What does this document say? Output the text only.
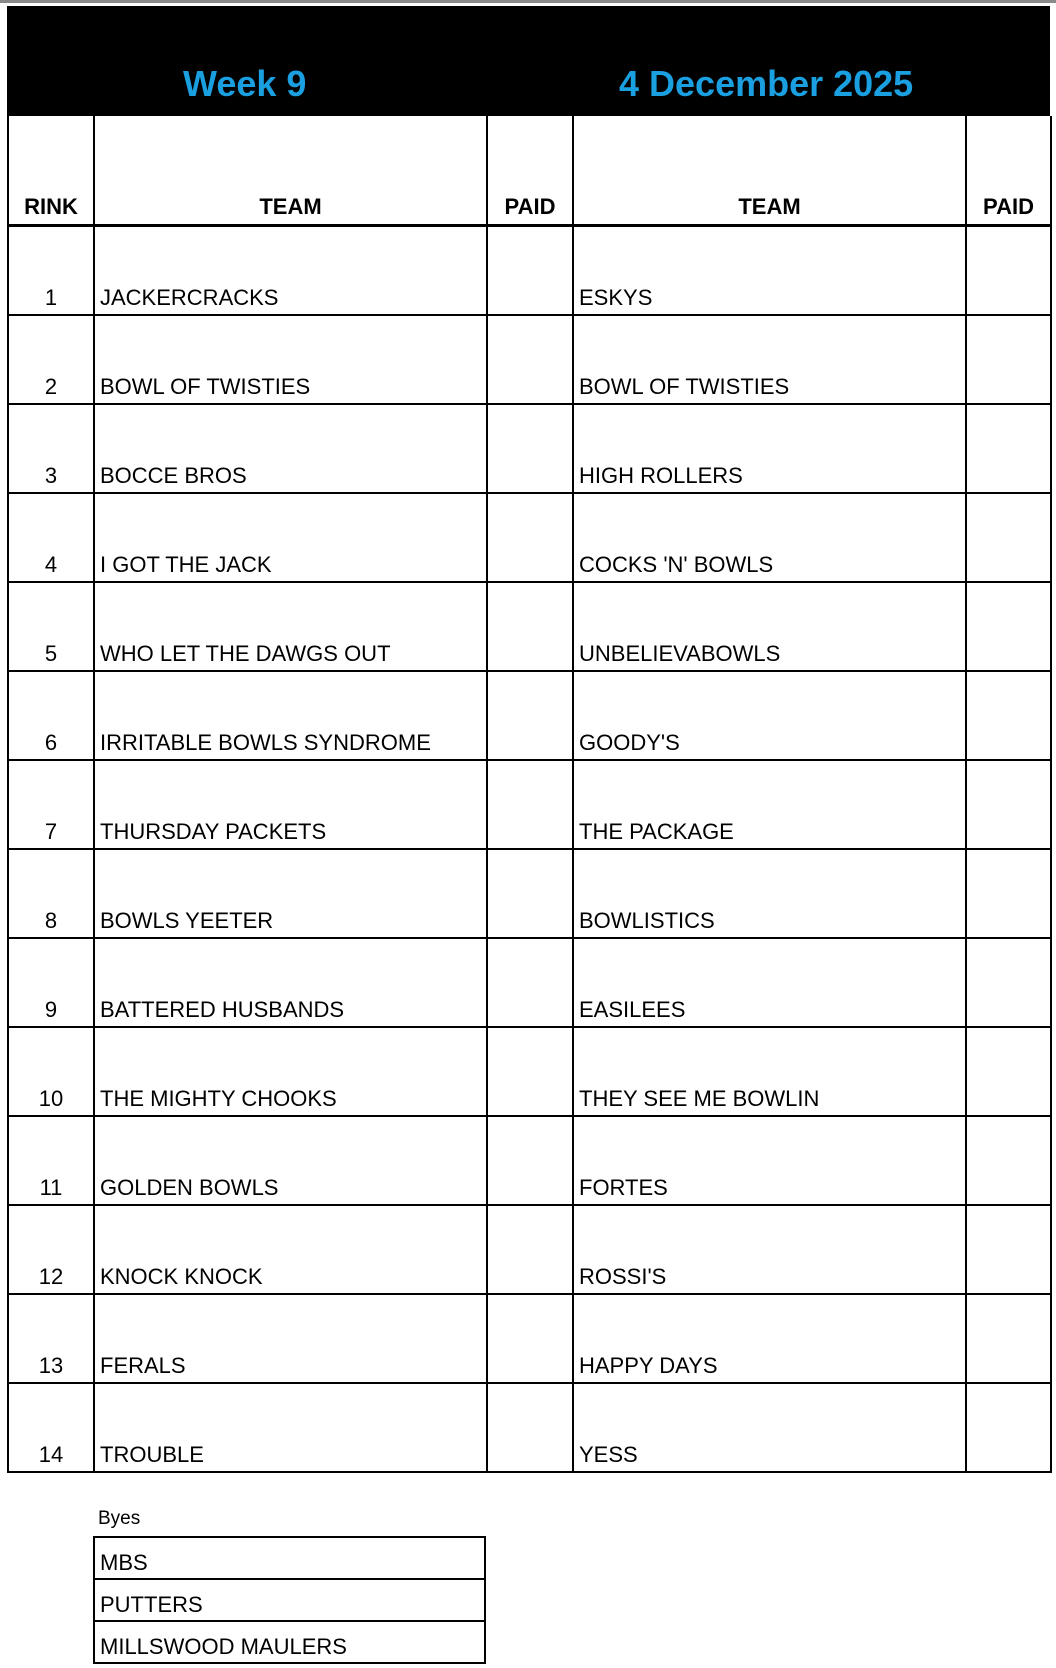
Week 9	4 December 2025
RINK	TEAM	PAID	TEAM	PAID
1	JACKERCRACKS		ESKYS	
2	BOWL OF TWISTIES		BOWL OF TWISTIES	
3	BOCCE BROS		HIGH ROLLERS	
4	I GOT THE JACK		COCKS 'N' BOWLS	
5	WHO LET THE DAWGS OUT		UNBELIEVABOWLS	
6	IRRITABLE BOWLS SYNDROME		GOODY'S	
7	THURSDAY PACKETS		THE PACKAGE	
8	BOWLS YEETER		BOWLISTICS	
9	BATTERED HUSBANDS		EASILEES	
10	THE MIGHTY CHOOKS		THEY SEE ME BOWLIN	
11	GOLDEN BOWLS		FORTES	
12	KNOCK KNOCK		ROSSI'S	
13	FERALS		HAPPY DAYS	
14	TROUBLE		YESS	
Byes
MBS
PUTTERS
MILLSWOOD MAULERS
